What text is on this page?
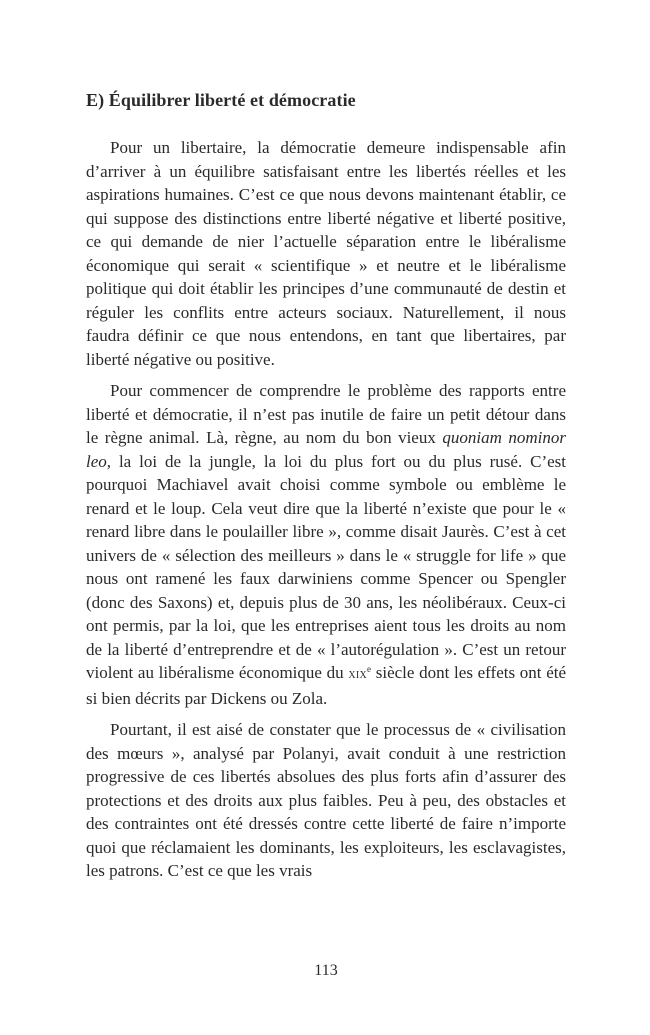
E) Équilibrer liberté et démocratie

Pour un libertaire, la démocratie demeure indispensable afin d’arriver à un équilibre satisfaisant entre les libertés réelles et les aspirations humaines. C’est ce que nous devons maintenant établir, ce qui suppose des distinctions entre liberté négative et liberté positive, ce qui demande de nier l’actuelle séparation entre le libéralisme économique qui serait « scientifique » et neutre et le libéralisme politique qui doit établir les principes d’une communauté de destin et réguler les conflits entre acteurs sociaux. Naturellement, il nous faudra définir ce que nous entendons, en tant que libertaires, par liberté négative ou positive.

Pour commencer de comprendre le problème des rapports entre liberté et démocratie, il n’est pas inutile de faire un petit détour dans le règne animal. Là, règne, au nom du bon vieux quoniam nominor leo, la loi de la jungle, la loi du plus fort ou du plus rusé. C’est pourquoi Machiavel avait choisi comme symbole ou emblème le renard et le loup. Cela veut dire que la liberté n’existe que pour le « renard libre dans le poulailler libre », comme disait Jaurès. C’est à cet univers de « sélection des meilleurs » dans le « struggle for life » que nous ont ramené les faux darwiniens comme Spencer ou Spengler (donc des Saxons) et, depuis plus de 30 ans, les néolibéraux. Ceux-ci ont permis, par la loi, que les entreprises aient tous les droits au nom de la liberté d’entreprendre et de « l’autorégulation ». C’est un retour violent au libéralisme économique du xix$^e$ siècle dont les effets ont été si bien décrits par Dickens ou Zola.

Pourtant, il est aisé de constater que le processus de « civilisation des mœurs », analysé par Polanyi, avait conduit à une restriction progressive de ces libertés absolues des plus forts afin d’assurer des protections et des droits aux plus faibles. Peu à peu, des obstacles et des contraintes ont été dressés contre cette liberté de faire n’importe quoi que réclamaient les dominants, les exploiteurs, les esclavagistes, les patrons. C’est ce que les vrais

113
